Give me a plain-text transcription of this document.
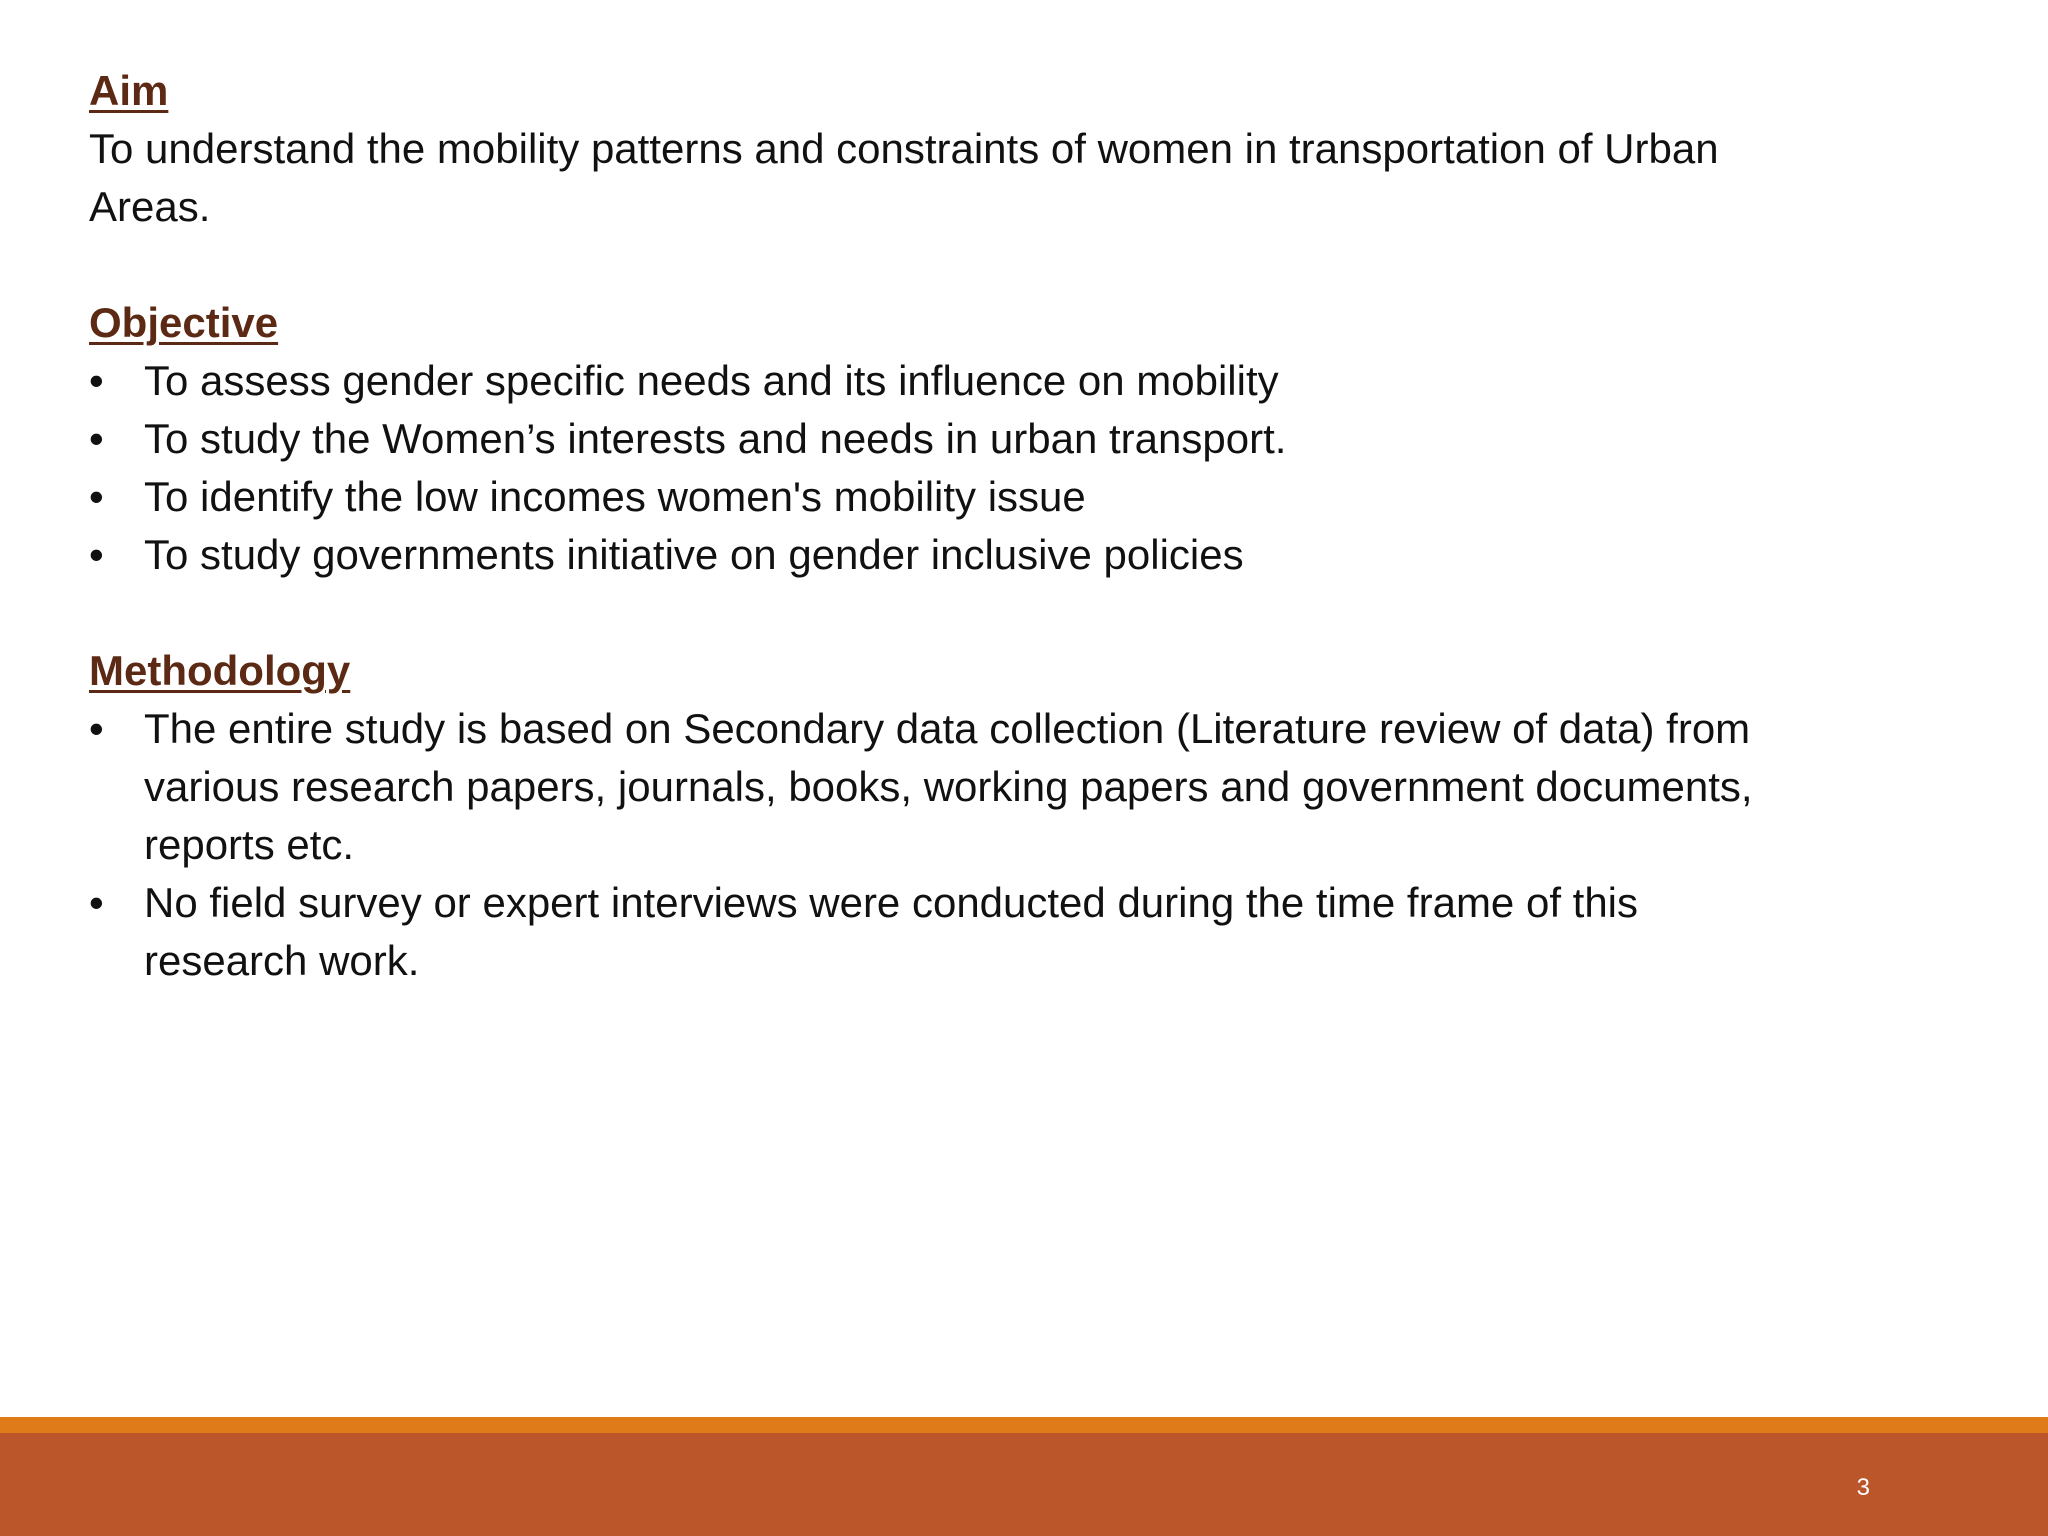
Aim

To understand the mobility patterns and constraints of women in transportation of Urban Areas.

Objective
• To assess gender specific needs and its influence on mobility
• To study the Women’s interests and needs in urban transport.
• To identify the low incomes women's mobility issue
• To study governments initiative on gender inclusive policies
Methodology
• The entire study is based on Secondary data collection (Literature review of data) from various research papers, journals, books, working papers and government documents, reports etc.
• No field survey or expert interviews were conducted during the time frame of this research work.
3
